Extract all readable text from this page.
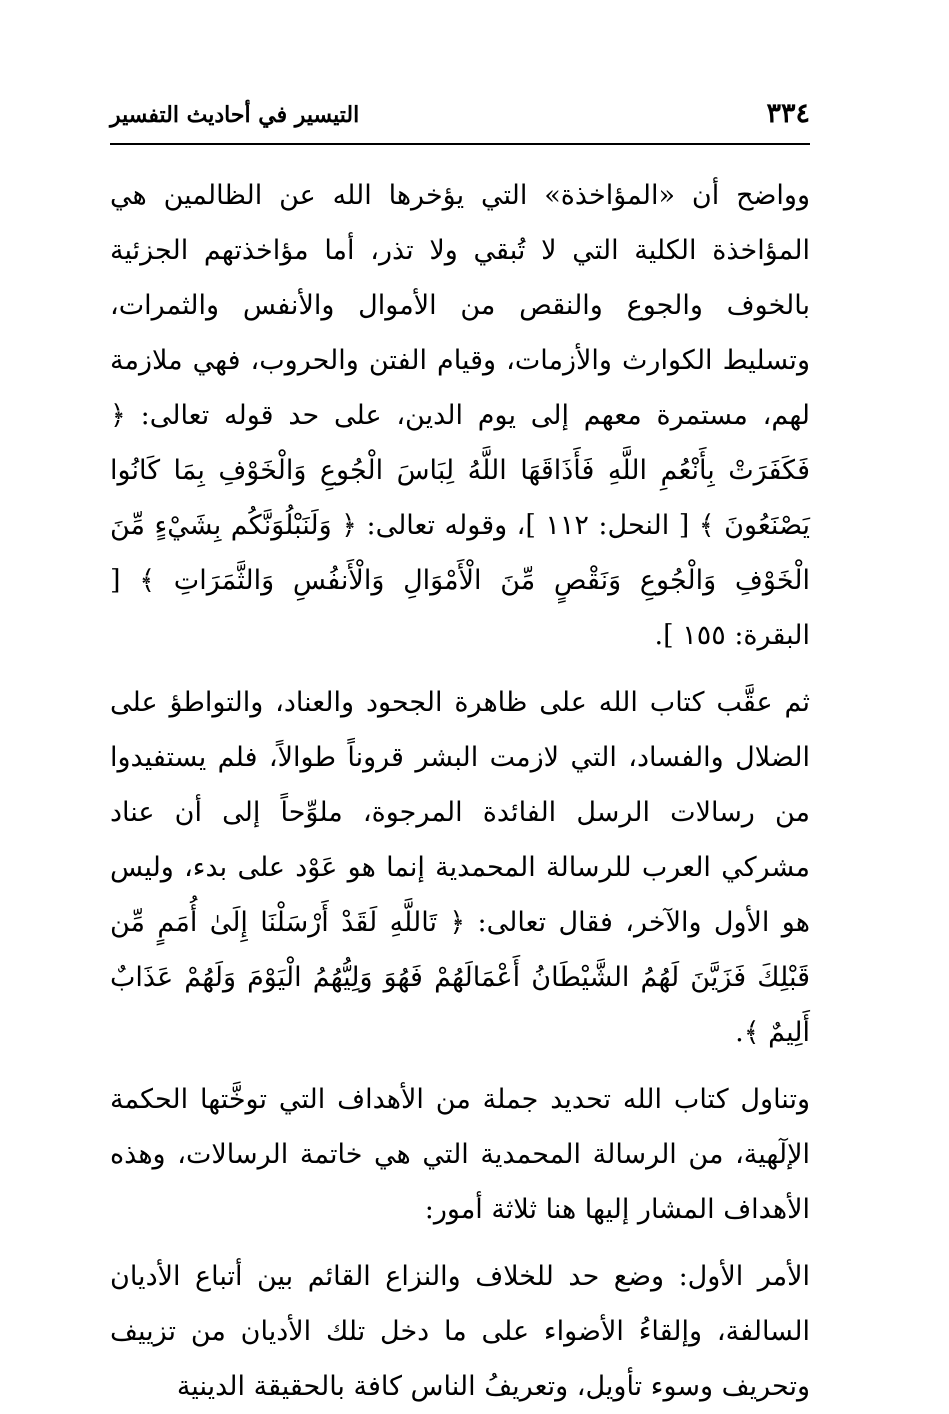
٣٣٤
التيسير في أحاديث التفسير

وواضح أن «المؤاخذة» التي يؤخرها الله عن الظالمين هي المؤاخذة الكلية التي لا تُبقي ولا تذر، أما مؤاخذتهم الجزئية بالخوف والجوع والنقص من الأموال والأنفس والثمرات، وتسليط الكوارث والأزمات، وقيام الفتن والحروب، فهي ملازمة لهم، مستمرة معهم إلى يوم الدين، على حد قوله تعالى: ﴿ فَكَفَرَتْ بِأَنْعُمِ اللَّهِ فَأَذَاقَهَا اللَّهُ لِبَاسَ الْجُوعِ وَالْخَوْفِ بِمَا كَانُوا يَصْنَعُونَ ﴾ [ النحل: ١١٢ ]، وقوله تعالى: ﴿ وَلَنَبْلُوَنَّكُم بِشَيْءٍ مِّنَ الْخَوْفِ وَالْجُوعِ وَنَقْصٍ مِّنَ الْأَمْوَالِ وَالْأَنفُسِ وَالثَّمَرَاتِ ﴾ [ البقرة: ١٥٥ ].

ثم عقَّب كتاب الله على ظاهرة الجحود والعناد، والتواطؤ على الضلال والفساد، التي لازمت البشر قروناً طوالاً، فلم يستفيدوا من رسالات الرسل الفائدة المرجوة، ملوِّحاً إلى أن عناد مشركي العرب للرسالة المحمدية إنما هو عَوْد على بدء، وليس هو الأول والآخر، فقال تعالى: ﴿ تَاللَّهِ لَقَدْ أَرْسَلْنَا إِلَىٰ أُمَمٍ مِّن قَبْلِكَ فَزَيَّنَ لَهُمُ الشَّيْطَانُ أَعْمَالَهُمْ فَهُوَ وَلِيُّهُمُ الْيَوْمَ وَلَهُمْ عَذَابٌ أَلِيمٌ ﴾.

وتناول كتاب الله تحديد جملة من الأهداف التي توخَّتها الحكمة الإلٓهية، من الرسالة المحمدية التي هي خاتمة الرسالات، وهذه الأهداف المشار إليها هنا ثلاثة أمور:

الأمر الأول: وضع حد للخلاف والنزاع القائم بين أتباع الأديان السالفة، وإلقاءُ الأضواء على ما دخل تلك الأديان من تزييف وتحريف وسوء تأويل، وتعريفُ الناس كافة بالحقيقة الدينية
